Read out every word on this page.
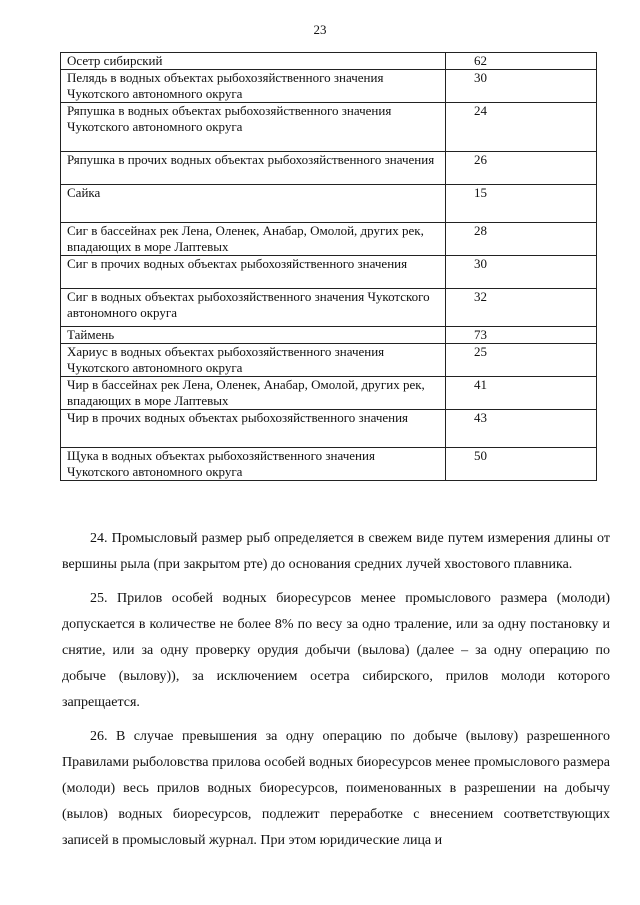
23
Осетр сибирский	62
Пелядь в водных объектах рыбохозяйственного значения Чукотского автономного округа	30
Ряпушка в водных объектах рыбохозяйственного значения Чукотского автономного округа	24
Ряпушка в прочих водных объектах рыбохозяйственного значения	26
Сайка	15
Сиг в бассейнах рек Лена, Оленек, Анабар, Омолой, других рек, впадающих в море Лаптевых	28
Сиг в прочих водных объектах рыбохозяйственного значения	30
Сиг в водных объектах рыбохозяйственного значения Чукотского автономного округа	32
Таймень	73
Хариус в водных объектах рыбохозяйственного значения Чукотского автономного округа	25
Чир в бассейнах рек Лена, Оленек, Анабар, Омолой, других рек, впадающих в море Лаптевых	41
Чир в прочих водных объектах рыбохозяйственного значения	43
Щука в водных объектах рыбохозяйственного значения Чукотского автономного округа	50

24. Промысловый размер рыб определяется в свежем виде путем измерения длины от вершины рыла (при закрытом рте) до основания средних лучей хвостового плавника.

25. Прилов особей водных биоресурсов менее промыслового размера (молоди) допускается в количестве не более 8% по весу за одно траление, или за одну постановку и снятие, или за одну проверку орудия добычи (вылова) (далее – за одну операцию по добыче (вылову)), за исключением осетра сибирского, прилов молоди которого запрещается.

26. В случае превышения за одну операцию по добыче (вылову) разрешенного Правилами рыболовства прилова особей водных биоресурсов менее промыслового размера (молоди) весь прилов водных биоресурсов, поименованных в разрешении на добычу (вылов) водных биоресурсов, подлежит переработке с внесением соответствующих записей в промысловый журнал. При этом юридические лица и
